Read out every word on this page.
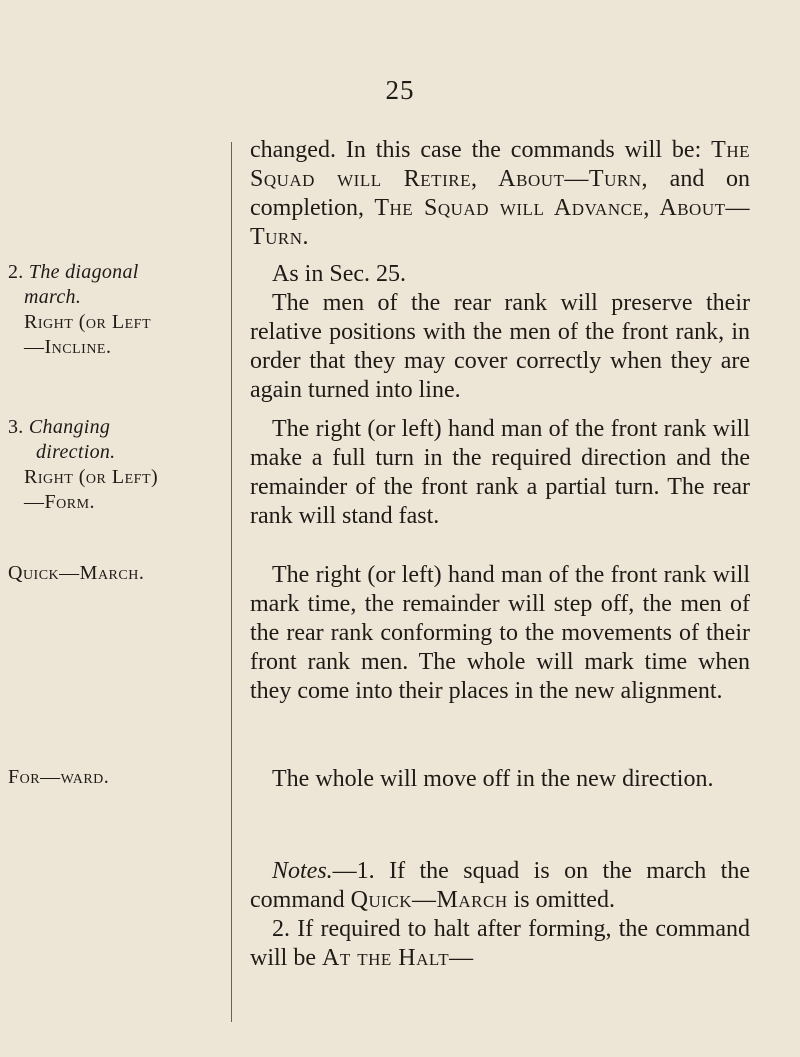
25
2. The diagonal
march.
Right (or Left
—Incline.
3. Changing
direction.
Right (or Left)
—Form.
Quick—March.
For—ward.

changed. In this case the commands will be: The Squad will Retire, About—Turn, and on completion, The Squad will Advance, About—Turn.

As in Sec. 25.

The men of the rear rank will preserve their relative positions with the men of the front rank, in order that they may cover correctly when they are again turned into line.

The right (or left) hand man of the front rank will make a full turn in the required direction and the remainder of the front rank a partial turn. The rear rank will stand fast.

The right (or left) hand man of the front rank will mark time, the remainder will step off, the men of the rear rank conforming to the movements of their front rank men. The whole will mark time when they come into their places in the new alignment.

The whole will move off in the new direction.

Notes.—1. If the squad is on the march the command Quick—March is omitted.

2. If required to halt after forming, the command will be At the Halt—
